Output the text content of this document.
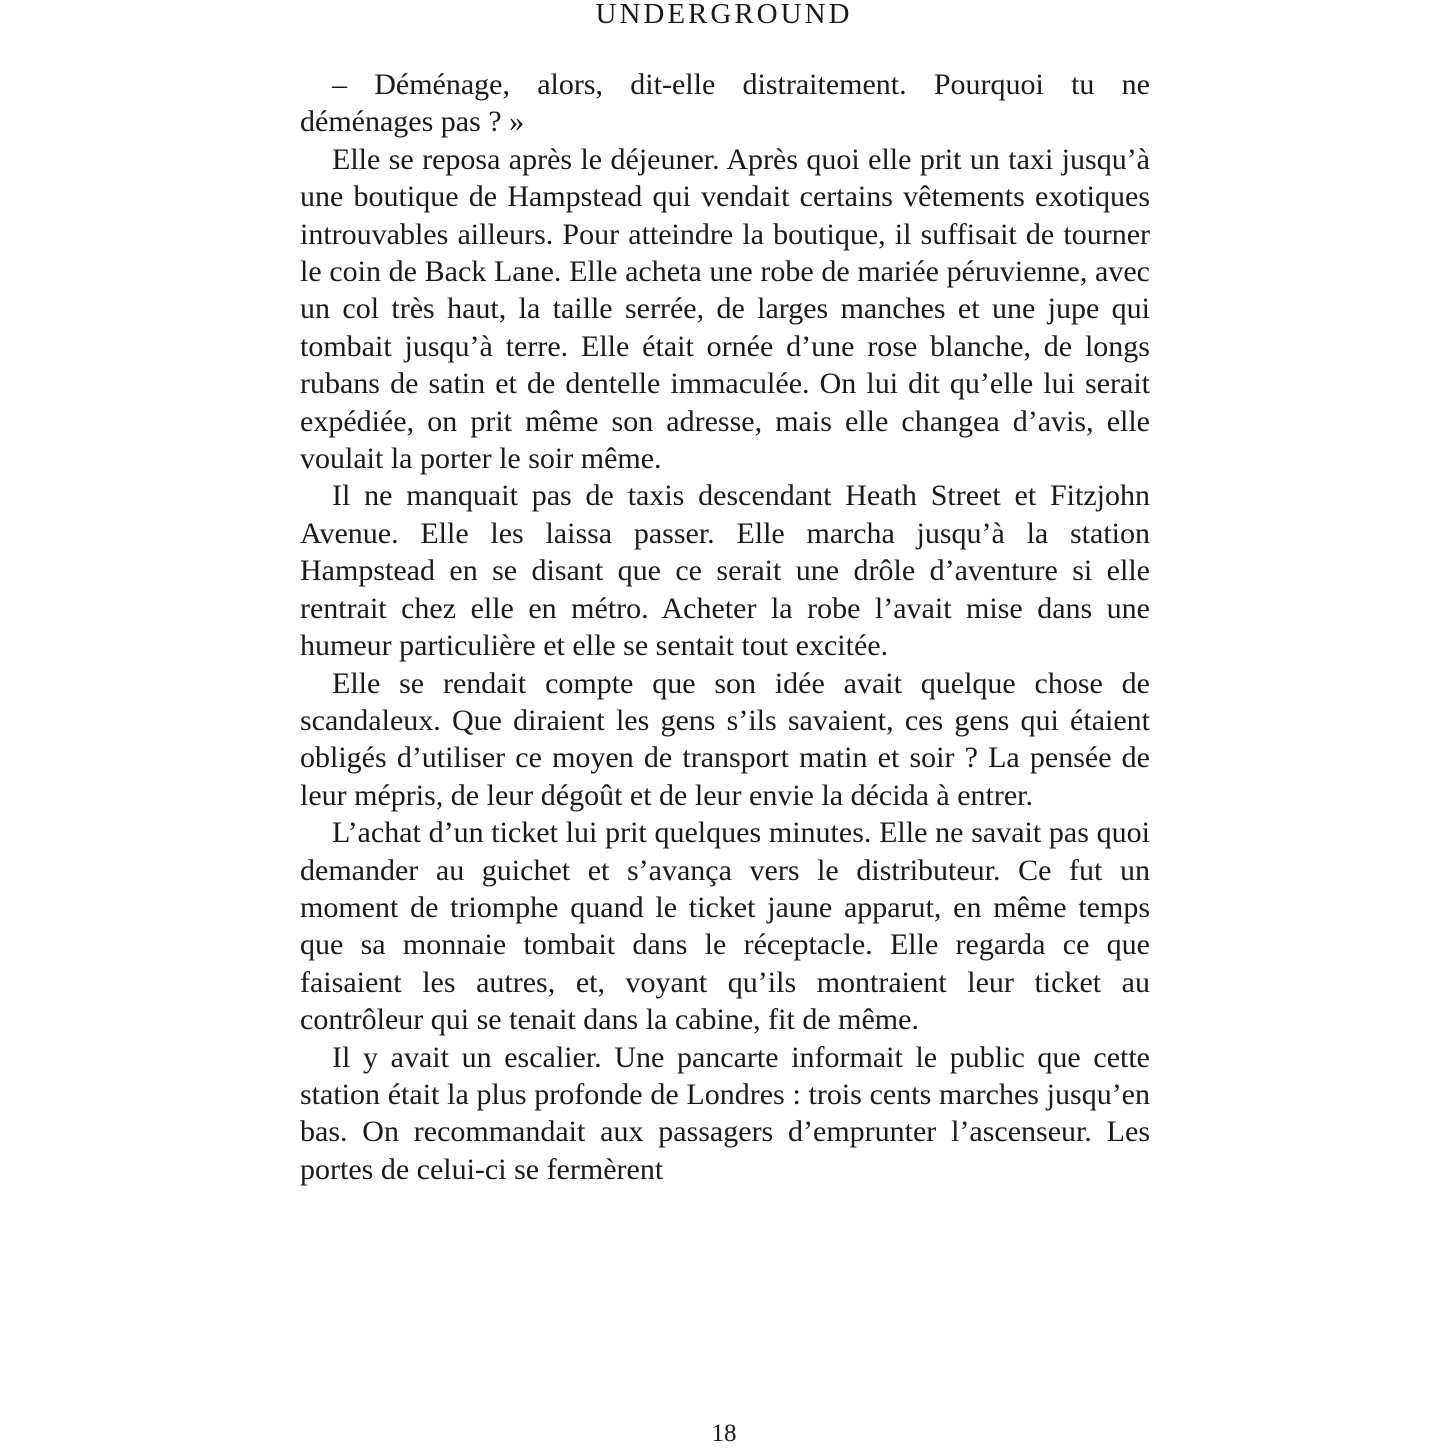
UNDERGROUND

– Déménage, alors, dit-elle distraitement. Pourquoi tu ne déménages pas ? »

Elle se reposa après le déjeuner. Après quoi elle prit un taxi jusqu’à une boutique de Hampstead qui vendait certains vêtements exotiques introuvables ailleurs. Pour atteindre la boutique, il suffisait de tourner le coin de Back Lane. Elle acheta une robe de mariée péruvienne, avec un col très haut, la taille serrée, de larges manches et une jupe qui tombait jusqu’à terre. Elle était ornée d’une rose blanche, de longs rubans de satin et de dentelle immaculée. On lui dit qu’elle lui serait expédiée, on prit même son adresse, mais elle changea d’avis, elle voulait la porter le soir même.

Il ne manquait pas de taxis descendant Heath Street et Fitzjohn Avenue. Elle les laissa passer. Elle marcha jusqu’à la station Hampstead en se disant que ce serait une drôle d’aventure si elle rentrait chez elle en métro. Acheter la robe l’avait mise dans une humeur particulière et elle se sentait tout excitée.

Elle se rendait compte que son idée avait quelque chose de scandaleux. Que diraient les gens s’ils savaient, ces gens qui étaient obligés d’utiliser ce moyen de transport matin et soir ? La pensée de leur mépris, de leur dégoût et de leur envie la décida à entrer.

L’achat d’un ticket lui prit quelques minutes. Elle ne savait pas quoi demander au guichet et s’avança vers le distributeur. Ce fut un moment de triomphe quand le ticket jaune apparut, en même temps que sa monnaie tombait dans le réceptacle. Elle regarda ce que faisaient les autres, et, voyant qu’ils montraient leur ticket au contrôleur qui se tenait dans la cabine, fit de même.

Il y avait un escalier. Une pancarte informait le public que cette station était la plus profonde de Londres : trois cents marches jusqu’en bas. On recommandait aux passagers d’emprunter l’ascenseur. Les portes de celui-ci se fermèrent

18
